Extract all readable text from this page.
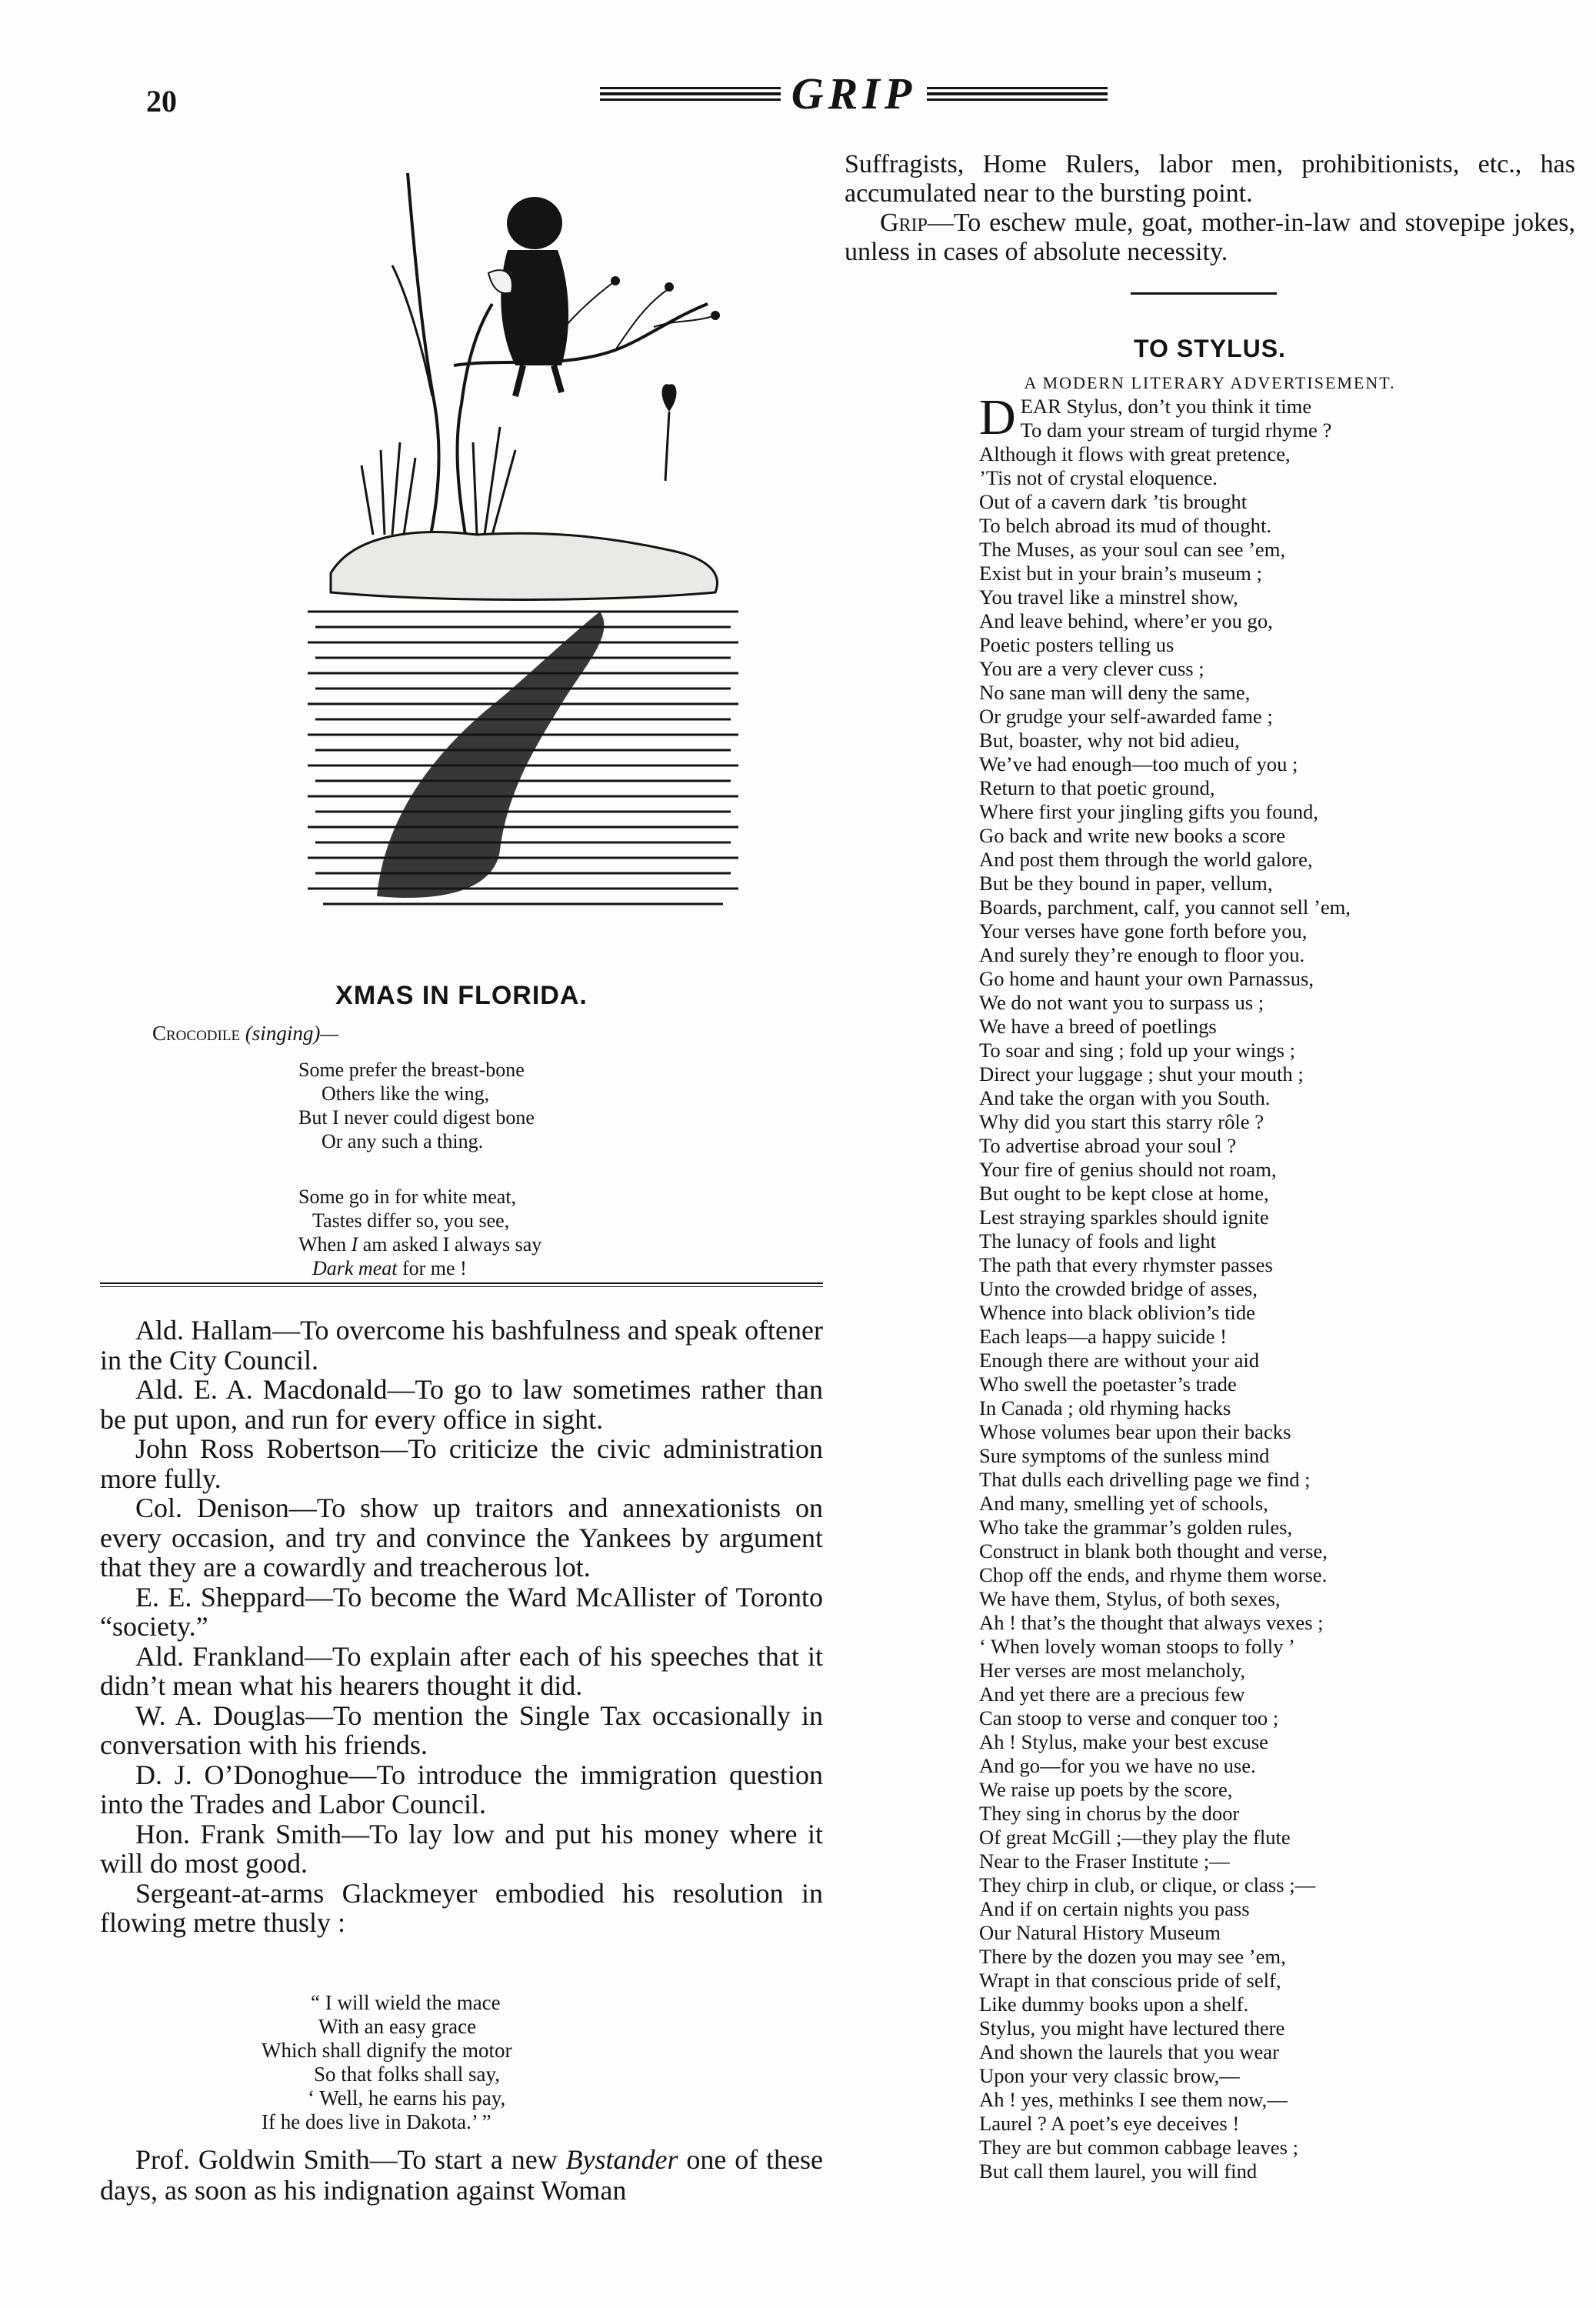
20	GRIP
XMAS IN FLORIDA.
Crocodile (singing)—
Some prefer the breast-bone
Others like the wing,
But I never could digest bone
Or any such a thing.
Some go in for white meat,
Tastes differ so, you see,
When I am asked I always say
Dark meat for me !

Ald. Hallam—To overcome his bashfulness and speak oftener in the City Council.

Ald. E. A. Macdonald—To go to law sometimes rather than be put upon, and run for every office in sight.

John Ross Robertson—To criticize the civic administration more fully.

Col. Denison—To show up traitors and annexationists on every occasion, and try and convince the Yankees by argument that they are a cowardly and treacherous lot.

E. E. Sheppard—To become the Ward McAllister of Toronto “society.”

Ald. Frankland—To explain after each of his speeches that it didn’t mean what his hearers thought it did.

W. A. Douglas—To mention the Single Tax occasionally in conversation with his friends.

D. J. O’Donoghue—To introduce the immigration question into the Trades and Labor Council.

Hon. Frank Smith—To lay low and put his money where it will do most good.

Sergeant-at-arms Glackmeyer embodied his resolution in flowing metre thusly :

“ I will wield the mace
With an easy grace
Which shall dignify the motor
So that folks shall say,
‘ Well, he earns his pay,
If he does live in Dakota.’ ”
Prof. Goldwin Smith—To start a new Bystander one of these days, as soon as his indignation against Woman

Suffragists, Home Rulers, labor men, prohibitionists, etc., has accumulated near to the bursting point.

Grip—To eschew mule, goat, mother-in-law and stovepipe jokes, unless in cases of absolute necessity.

TO STYLUS.
A MODERN LITERARY ADVERTISEMENT.
D EAR Stylus, don’t you think it time
To dam your stream of turgid rhyme ?
Although it flows with great pretence,
’Tis not of crystal eloquence.
Out of a cavern dark ’tis brought
To belch abroad its mud of thought.
The Muses, as your soul can see ’em,
Exist but in your brain’s museum ;
You travel like a minstrel show,
And leave behind, where’er you go,
Poetic posters telling us
You are a very clever cuss ;
No sane man will deny the same,
Or grudge your self-awarded fame ;
But, boaster, why not bid adieu,
We’ve had enough—too much of you ;
Return to that poetic ground,
Where first your jingling gifts you found,
Go back and write new books a score
And post them through the world galore,
But be they bound in paper, vellum,
Boards, parchment, calf, you cannot sell ’em,
Your verses have gone forth before you,
And surely they’re enough to floor you.
Go home and haunt your own Parnassus,
We do not want you to surpass us ;
We have a breed of poetlings
To soar and sing ; fold up your wings ;
Direct your luggage ; shut your mouth ;
And take the organ with you South.
Why did you start this starry rôle ?
To advertise abroad your soul ?
Your fire of genius should not roam,
But ought to be kept close at home,
Lest straying sparkles should ignite
The lunacy of fools and light
The path that every rhymster passes
Unto the crowded bridge of asses,
Whence into black oblivion’s tide
Each leaps—a happy suicide !
Enough there are without your aid
Who swell the poetaster’s trade
In Canada ; old rhyming hacks
Whose volumes bear upon their backs
Sure symptoms of the sunless mind
That dulls each drivelling page we find ;
And many, smelling yet of schools,
Who take the grammar’s golden rules,
Construct in blank both thought and verse,
Chop off the ends, and rhyme them worse.
We have them, Stylus, of both sexes,
Ah ! that’s the thought that always vexes ;
‘ When lovely woman stoops to folly ’
Her verses are most melancholy,
And yet there are a precious few
Can stoop to verse and conquer too ;
Ah ! Stylus, make your best excuse
And go—for you we have no use.
We raise up poets by the score,
They sing in chorus by the door
Of great McGill ;—they play the flute
Near to the Fraser Institute ;—
They chirp in club, or clique, or class ;—
And if on certain nights you pass
Our Natural History Museum
There by the dozen you may see ’em,
Wrapt in that conscious pride of self,
Like dummy books upon a shelf.
Stylus, you might have lectured there
And shown the laurels that you wear
Upon your very classic brow,—
Ah ! yes, methinks I see them now,—
Laurel ? A poet’s eye deceives !
They are but common cabbage leaves ;
But call them laurel, you will find
